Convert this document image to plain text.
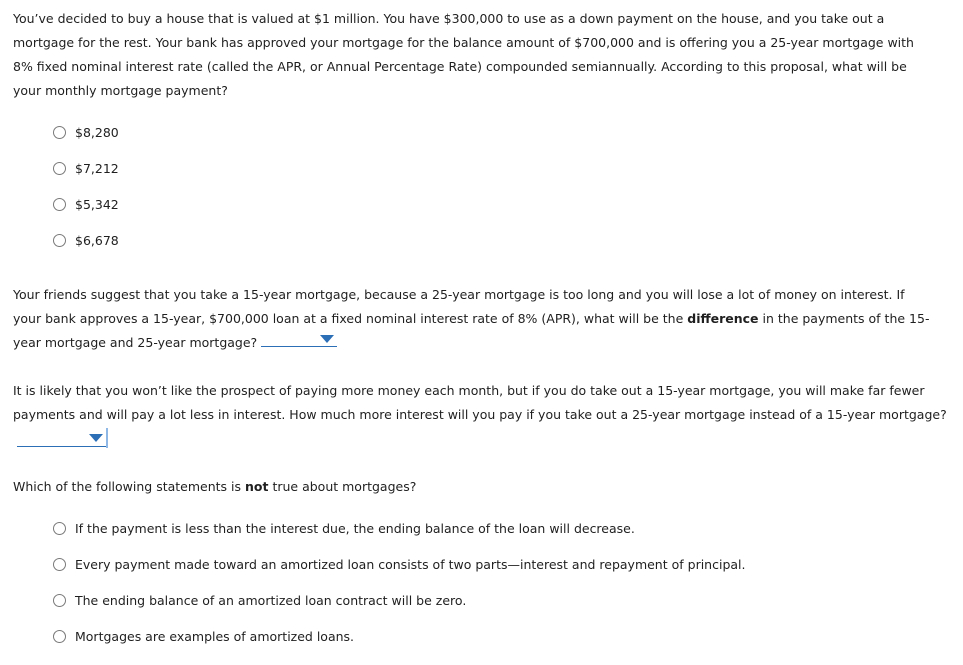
You’ve decided to buy a house that is valued at $1 million. You have $300,000 to use as a down payment on the house, and you take out a mortgage for the rest. Your bank has approved your mortgage for the balance amount of $700,000 and is offering you a 25-year mortgage with 8% fixed nominal interest rate (called the APR, or Annual Percentage Rate) compounded semiannually. According to this proposal, what will be your monthly mortgage payment?

$8,280
$7,212
$5,342
$6,678

Your friends suggest that you take a 15-year mortgage, because a 25-year mortgage is too long and you will lose a lot of money on interest. If your bank approves a 15-year, $700,000 loan at a fixed nominal interest rate of 8% (APR), what will be the difference in the payments of the 15-year mortgage and 25-year mortgage?

It is likely that you won’t like the prospect of paying more money each month, but if you do take out a 15-year mortgage, you will make far fewer payments and will pay a lot less in interest. How much more interest will you pay if you take out a 25-year mortgage instead of a 15-year mortgage?

Which of the following statements is not true about mortgages?

If the payment is less than the interest due, the ending balance of the loan will decrease.
Every payment made toward an amortized loan consists of two parts—interest and repayment of principal.
The ending balance of an amortized loan contract will be zero.
Mortgages are examples of amortized loans.
